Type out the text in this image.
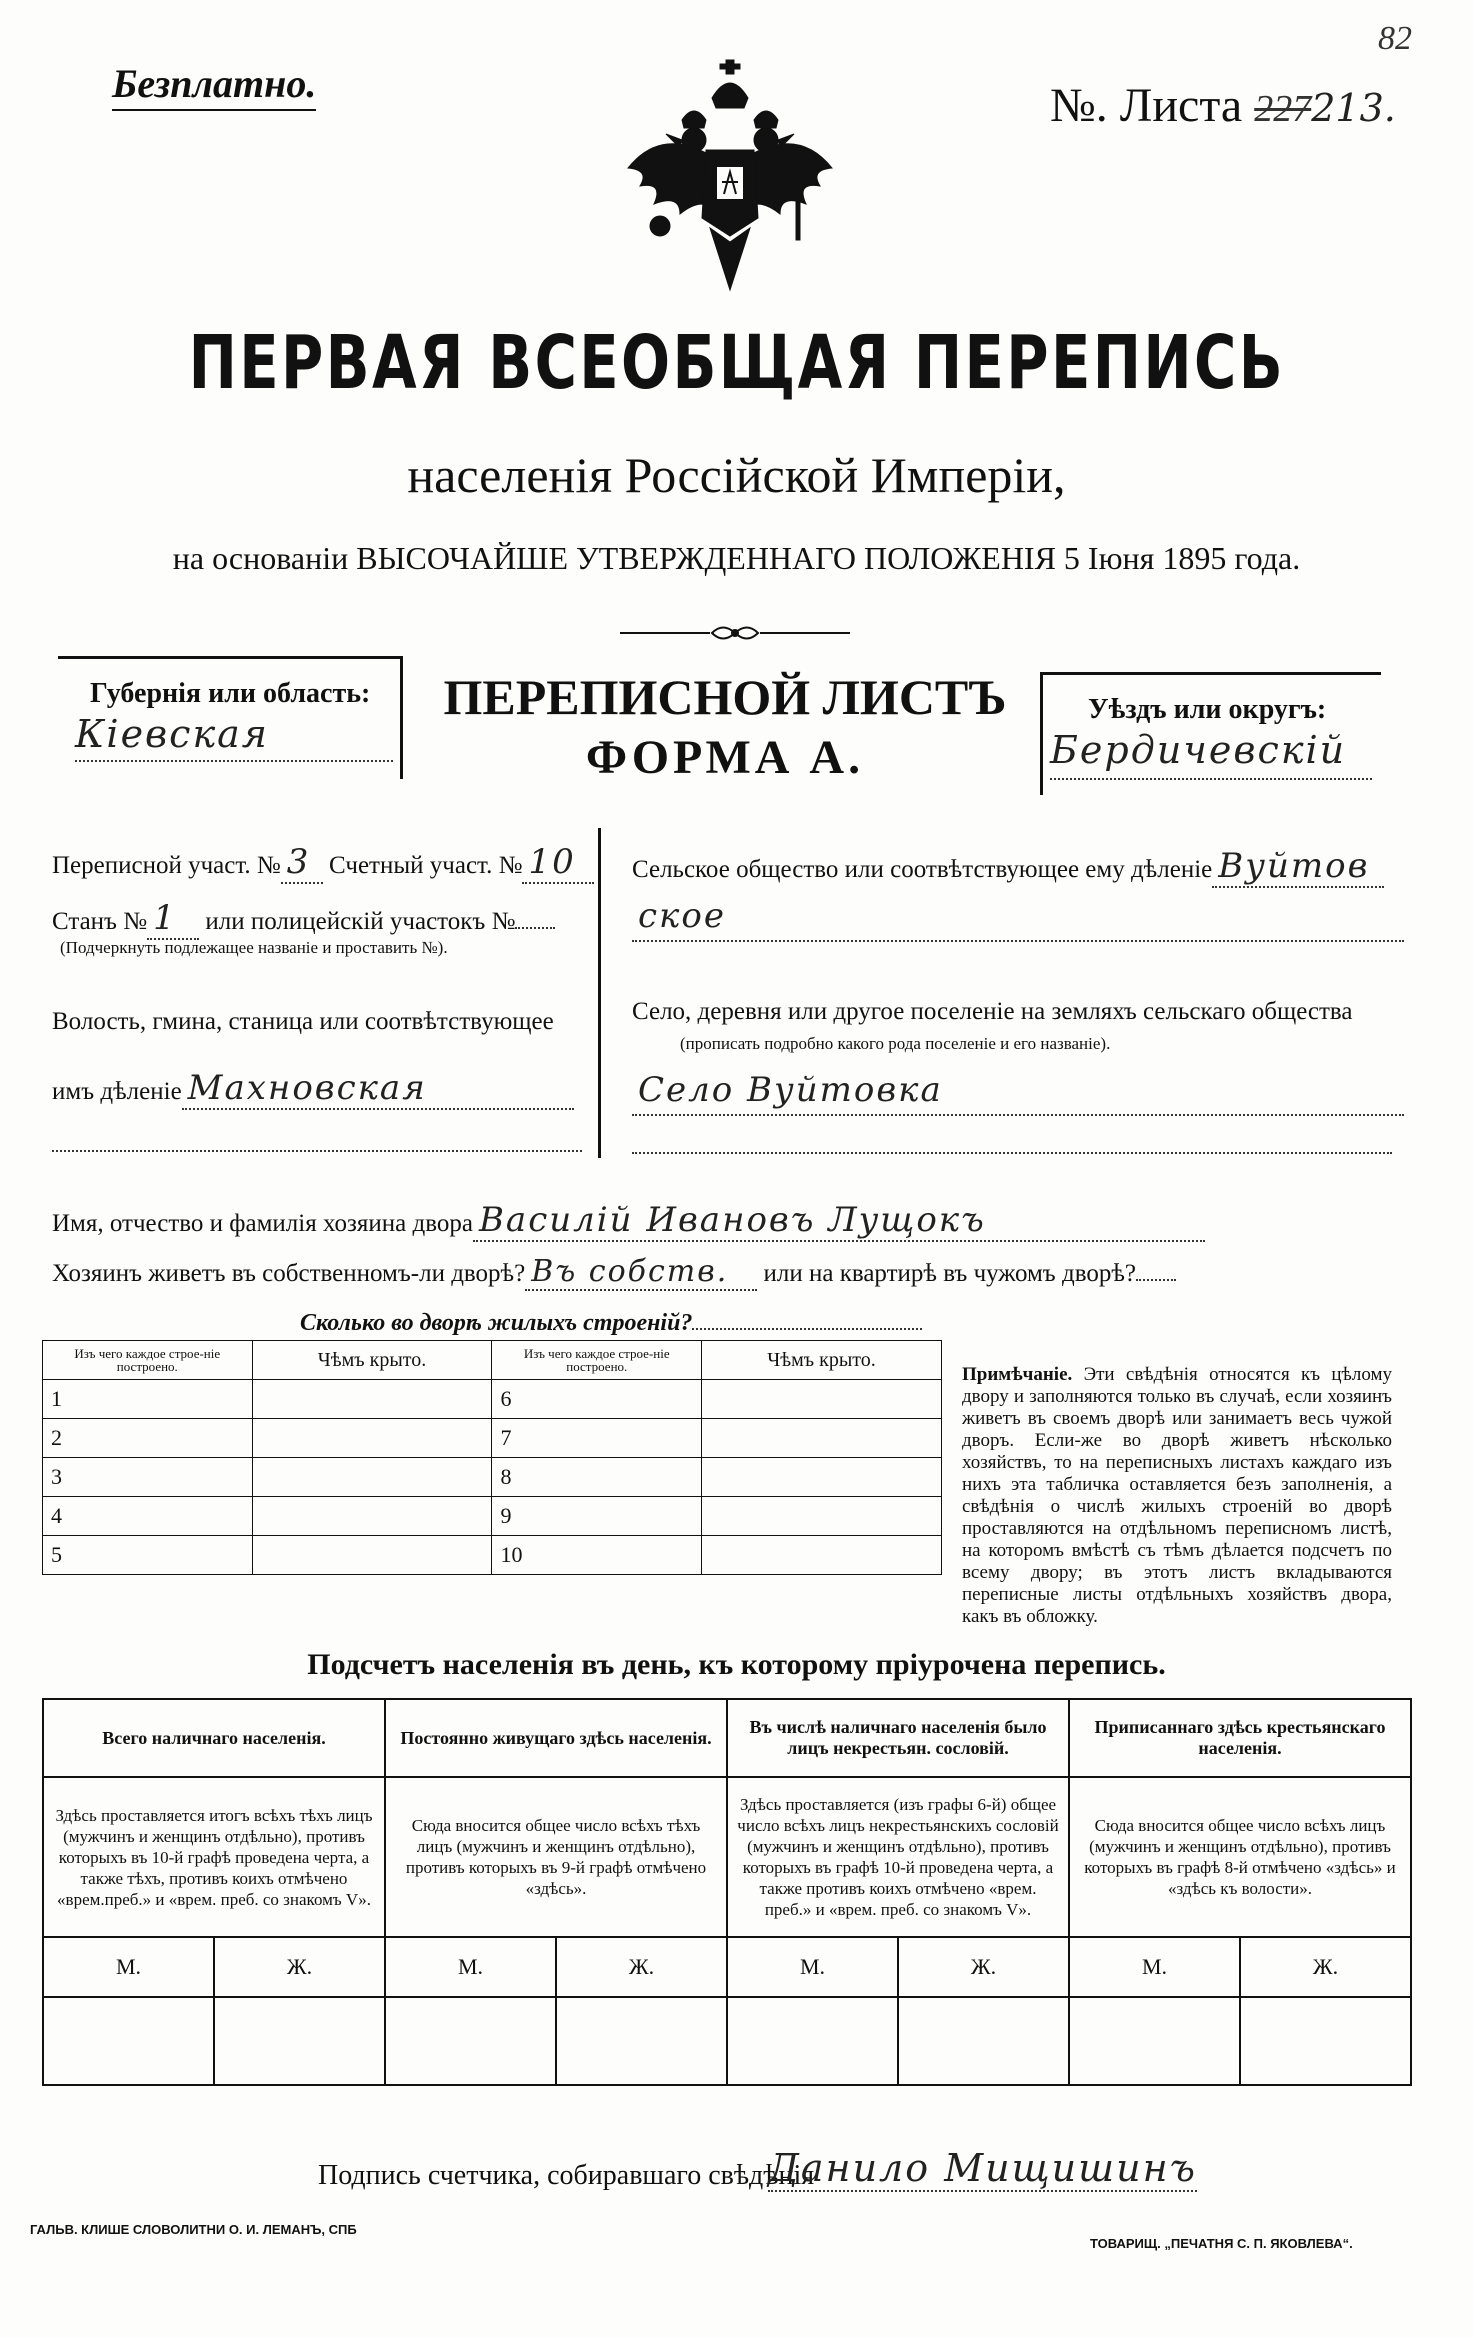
Безплатно.
82
№. Листа 227213.
ПЕРВАЯ ВСЕОБЩАЯ ПЕРЕПИСЬ
населенія Россійской Имперіи,
на основаніи ВЫСОЧАЙШЕ УТВЕРЖДЕННАГО ПОЛОЖЕНІЯ 5 Іюня 1895 года.
Губернія или область:
Кіевская
ПЕРЕПИСНОЙ ЛИСТЪ
ФОРМА А.
Уѣздъ или округъ:
Бердичевскій
Переписной участ. № 3 Счетный участ. № 10
Станъ № 1 или полицейскій участокъ №
(Подчеркнуть подлежащее названіе и проставить №).
Волость, гмина, станица или соотвѣтствующее
имъ дѣленіе Махновская
Сельское общество или соотвѣтствующее ему дѣленіе Вуйтов
ское
Село, деревня или другое поселеніе на земляхъ сельскаго общества
(прописать подробно какого рода поселеніе и его названіе).
Село Вуйтовка
Имя, отчество и фамилія хозяина двора Василій Ивановъ Лущокъ
Хозяинъ живетъ въ собственномъ-ли дворѣ? Въ собств. или на квартирѣ въ чужомъ дворѣ?
Сколько во дворѣ жилыхъ строеній?
Изъ чего каждое строе-ніе построено.	Чѣмъ крыто.	Изъ чего каждое строе-ніе построено.	Чѣмъ крыто.
1		6	
2		7	
3		8	
4		9	
5		10	
Примѣчаніе. Эти свѣдѣнія относятся къ цѣлому двору и заполняются только въ случаѣ, если хозяинъ живетъ въ своемъ дворѣ или занимаетъ весь чужой дворъ. Если-же во дворѣ живетъ нѣсколько хозяйствъ, то на переписныхъ листахъ каждаго изъ нихъ эта табличка оставляется безъ заполненія, а свѣдѣнія о числѣ жилыхъ строеній во дворѣ проставляются на отдѣльномъ переписномъ листѣ, на которомъ вмѣстѣ съ тѣмъ дѣлается подсчетъ по всему двору; въ этотъ листъ вкладываются переписные листы отдѣльныхъ хозяйствъ двора, какъ въ обложку.
Подсчетъ населенія въ день, къ которому пріурочена перепись.
Всего наличнаго населенія.		Постоянно живущаго здѣсь населенія.		Въ числѣ наличнаго населенія было лицъ некрестьян. сословій.		Приписаннаго здѣсь крестьянскаго населенія.	
Здѣсь проставляется итогъ всѣхъ тѣхъ лицъ (мужчинъ и женщинъ отдѣльно), противъ которыхъ въ 10-й графѣ проведена черта, а также тѣхъ, противъ коихъ отмѣчено «врем.преб.» и «врем. преб. со знакомъ V».		Сюда вносится общее число всѣхъ тѣхъ лицъ (мужчинъ и женщинъ отдѣльно), противъ которыхъ въ 9-й графѣ отмѣчено «здѣсь».		Здѣсь проставляется (изъ графы 6-й) общее число всѣхъ лицъ некрестьянскихъ сословій (мужчинъ и женщинъ отдѣльно), противъ которыхъ въ графѣ 10-й проведена черта, а также противъ коихъ отмѣчено «врем. преб.» и «врем. преб. со знакомъ V».		Сюда вносится общее число всѣхъ лицъ (мужчинъ и женщинъ отдѣльно), противъ которыхъ въ графѣ 8-й отмѣчено «здѣсь» и «здѣсь къ волости».	
М.	Ж.	М.	Ж.	М.	Ж.	М.	Ж.

Подпись счетчика, собиравшаго свѣдѣнія
Данило Мищишинъ
ГАЛЬВ. КЛИШЕ СЛОВОЛИТНИ О. И. ЛЕМАНЪ, СПБ
ТОВАРИЩ. „ПЕЧАТНЯ С. П. ЯКОВЛЕВА“.
